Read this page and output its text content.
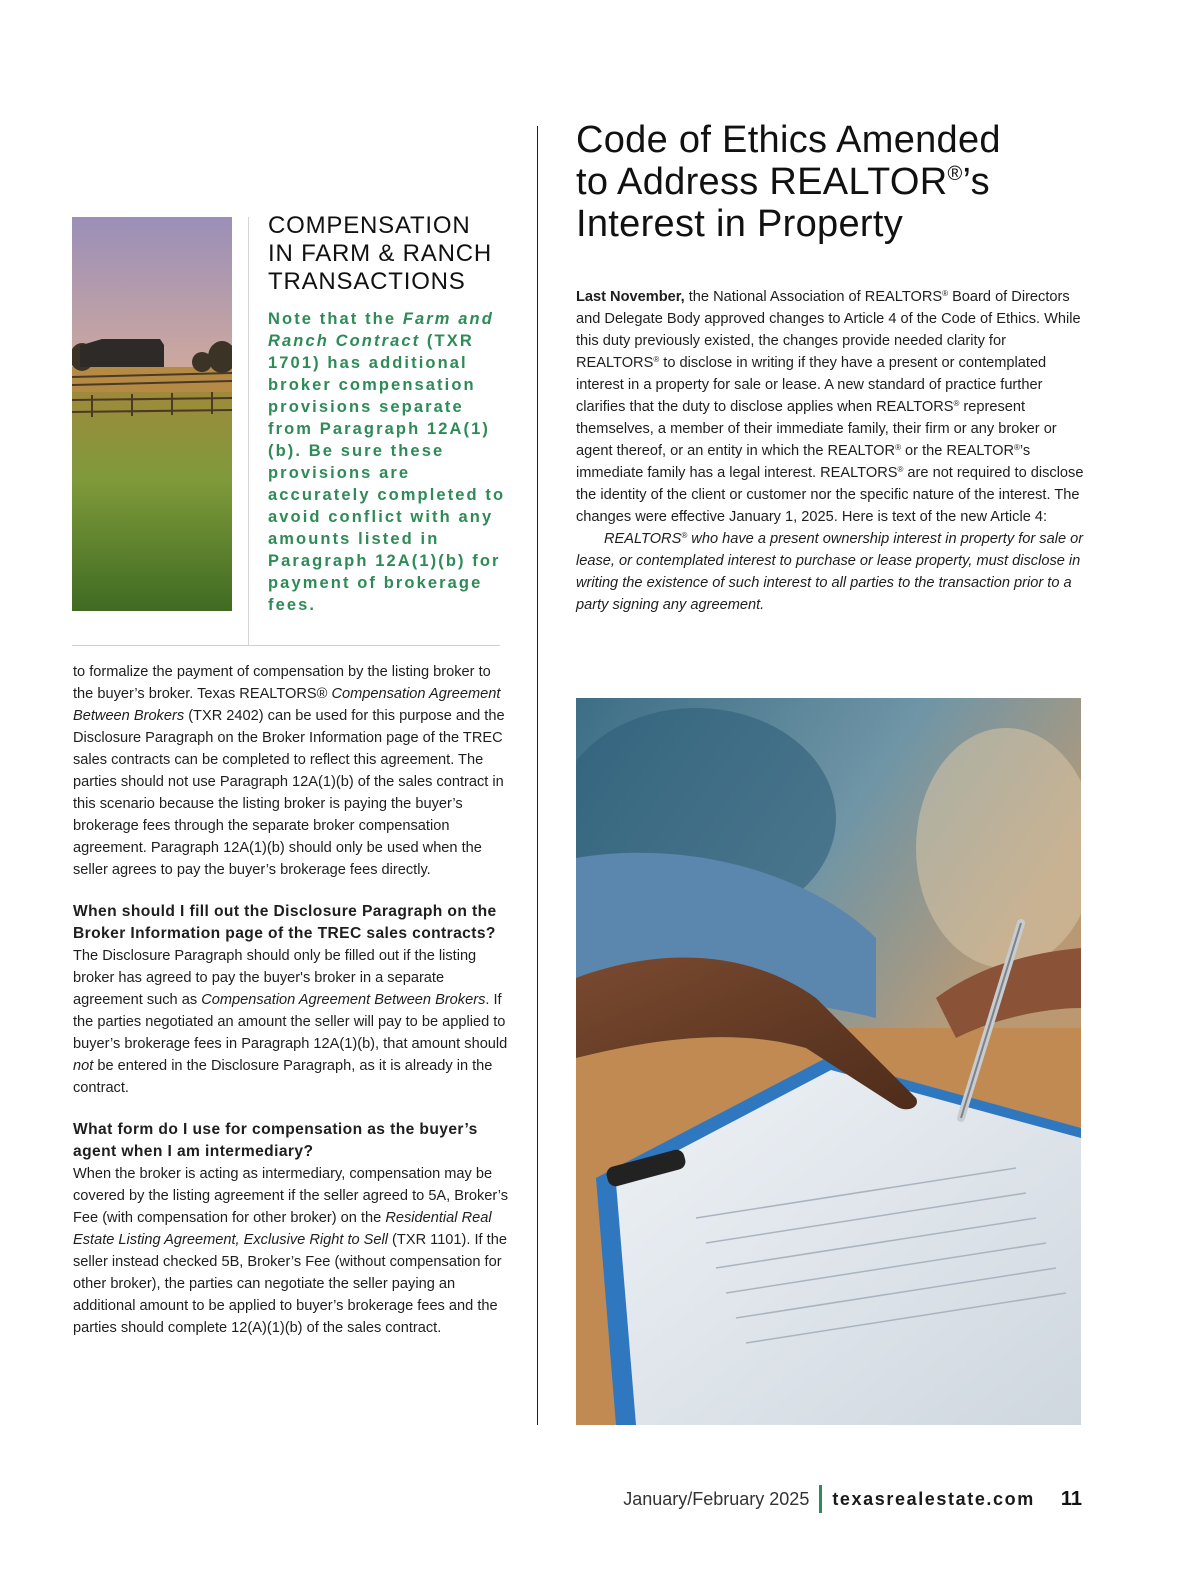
COMPENSATION
IN FARM & RANCH
TRANSACTIONS

Note that the Farm and Ranch Contract (TXR 1701) has additional broker compensation provisions separate from Paragraph 12A(1)(b). Be sure these provisions are accurately completed to avoid conflict with any amounts listed in Paragraph 12A(1)(b) for payment of brokerage fees.

to formalize the payment of compensation by the listing broker to the buyer’s broker. Texas REALTORS® Compensation Agreement Between Brokers (TXR 2402) can be used for this purpose and the Disclosure Paragraph on the Broker Information page of the TREC sales contracts can be completed to reflect this agreement. The parties should not use Paragraph 12A(1)(b) of the sales contract in this scenario because the listing broker is paying the buyer’s brokerage fees through the separate broker compensation agreement. Paragraph 12A(1)(b) should only be used when the seller agrees to pay the buyer’s brokerage fees directly.

When should I fill out the Disclosure Paragraph on the Broker Information page of the TREC sales contracts?

The Disclosure Paragraph should only be filled out if the listing broker has agreed to pay the buyer's broker in a separate agreement such as Compensation Agreement Between Brokers. If the parties negotiated an amount the seller will pay to be applied to buyer’s brokerage fees in Paragraph 12A(1)(b), that amount should not be entered in the Disclosure Paragraph, as it is already in the contract.

What form do I use for compensation as the buyer’s agent when I am intermediary?

When the broker is acting as intermediary, compensation may be covered by the listing agreement if the seller agreed to 5A, Broker’s Fee (with compensation for other broker) on the Residential Real Estate Listing Agreement, Exclusive Right to Sell (TXR 1101). If the seller instead checked 5B, Broker’s Fee (without compensation for other broker), the parties can negotiate the seller paying an additional amount to be applied to buyer’s brokerage fees and the parties should complete 12(A)(1)(b) of the sales contract.

Code of Ethics Amended
to Address REALTOR®’s
Interest in Property

Last November, the National Association of REALTORS® Board of Directors and Delegate Body approved changes to Article 4 of the Code of Ethics. While this duty previously existed, the changes provide needed clarity for REALTORS® to disclose in writing if they have a present or contemplated interest in a property for sale or lease. A new standard of practice further clarifies that the duty to disclose applies when REALTORS® represent themselves, a member of their immediate family, their firm or any broker or agent thereof, or an entity in which the REALTOR® or the REALTOR®’s immediate family has a legal interest. REALTORS® are not required to disclose the identity of the client or customer nor the specific nature of the interest. The changes were effective January 1, 2025. Here is text of the new Article 4:

REALTORS® who have a present ownership interest in property for sale or lease, or contemplated interest to purchase or lease property, must disclose in writing the existence of such interest to all parties to the transaction prior to a party signing any agreement.

January/February 2025 texasrealestate.com 11
